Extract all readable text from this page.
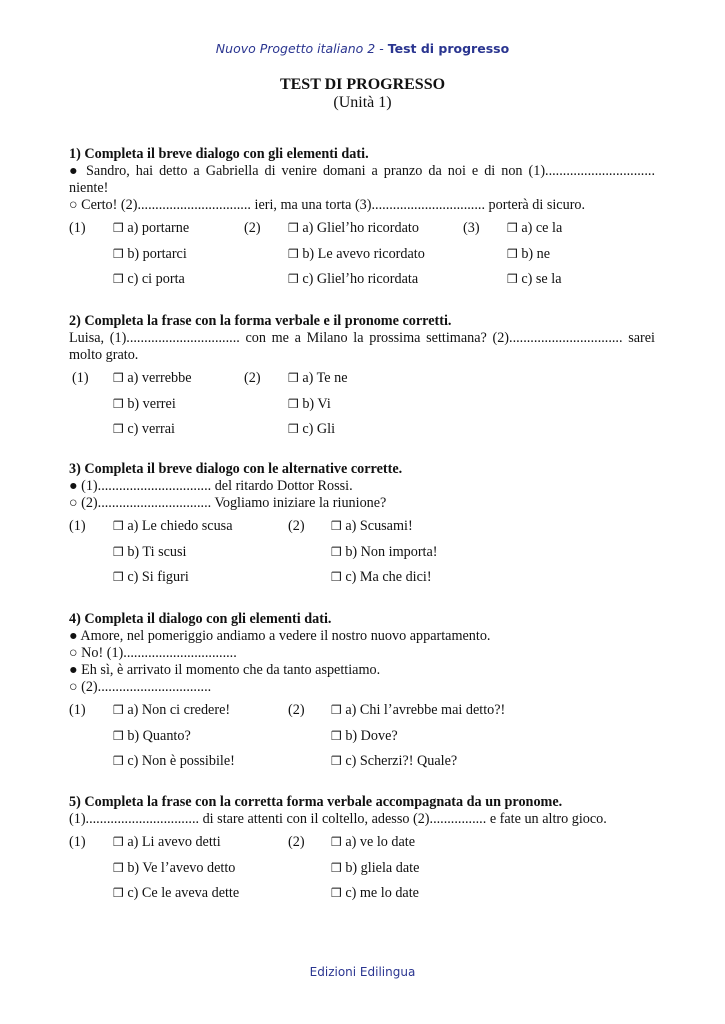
Nuovo Progetto italiano 2 - Test di progresso
TEST DI PROGRESSO
(Unità 1)
1) Completa il breve dialogo con gli elementi dati.
● Sandro, hai detto a Gabriella di venire domani a pranzo da noi e di non (1)............................... niente!
○ Certo! (2)................................ ieri, ma una torta (3)................................ porterà di sicuro.
(1) ❒ a) portarne	(2) ❒ a) Glielʼho ricordato	(3) ❒ a) ce la
❒ b) portarci	❒ b) Le avevo ricordato	❒ b) ne
❒ c) ci porta	❒ c) Glielʼho ricordata	❒ c) se la
2) Completa la frase con la forma verbale e il pronome corretti.
Luisa, (1)................................ con me a Milano la prossima settimana? (2)................................ sarei molto grato.
(1) ❒ a) verrebbe	(2) ❒ a) Te ne
❒ b) verrei	❒ b) Vi
❒ c) verrai	❒ c) Gli
3) Completa il breve dialogo con le alternative corrette.
● (1)................................ del ritardo Dottor Rossi.
○ (2)................................ Vogliamo iniziare la riunione?
(1) ❒ a) Le chiedo scusa	(2) ❒ a) Scusami!
❒ b) Ti scusi	❒ b) Non importa!
❒ c) Si figuri	❒ c) Ma che dici!
4) Completa il dialogo con gli elementi dati.
● Amore, nel pomeriggio andiamo a vedere il nostro nuovo appartamento.
○ No! (1)................................
● Eh sì, è arrivato il momento che da tanto aspettiamo.
○ (2)................................
(1) ❒ a) Non ci credere!	(2) ❒ a) Chi lʼavrebbe mai detto?!
❒ b) Quanto?	❒ b) Dove?
❒ c) Non è possibile!	❒ c) Scherzi?! Quale?
5) Completa la frase con la corretta forma verbale accompagnata da un pronome.
(1)................................ di stare attenti con il coltello, adesso (2)................ e fate un altro gioco.
(1) ❒ a) Li avevo detti	(2) ❒ a) ve lo date
❒ b) Ve lʼavevo detto	❒ b) gliela date
❒ c) Ce le aveva dette	❒ c) me lo date
Edizioni Edilingua
